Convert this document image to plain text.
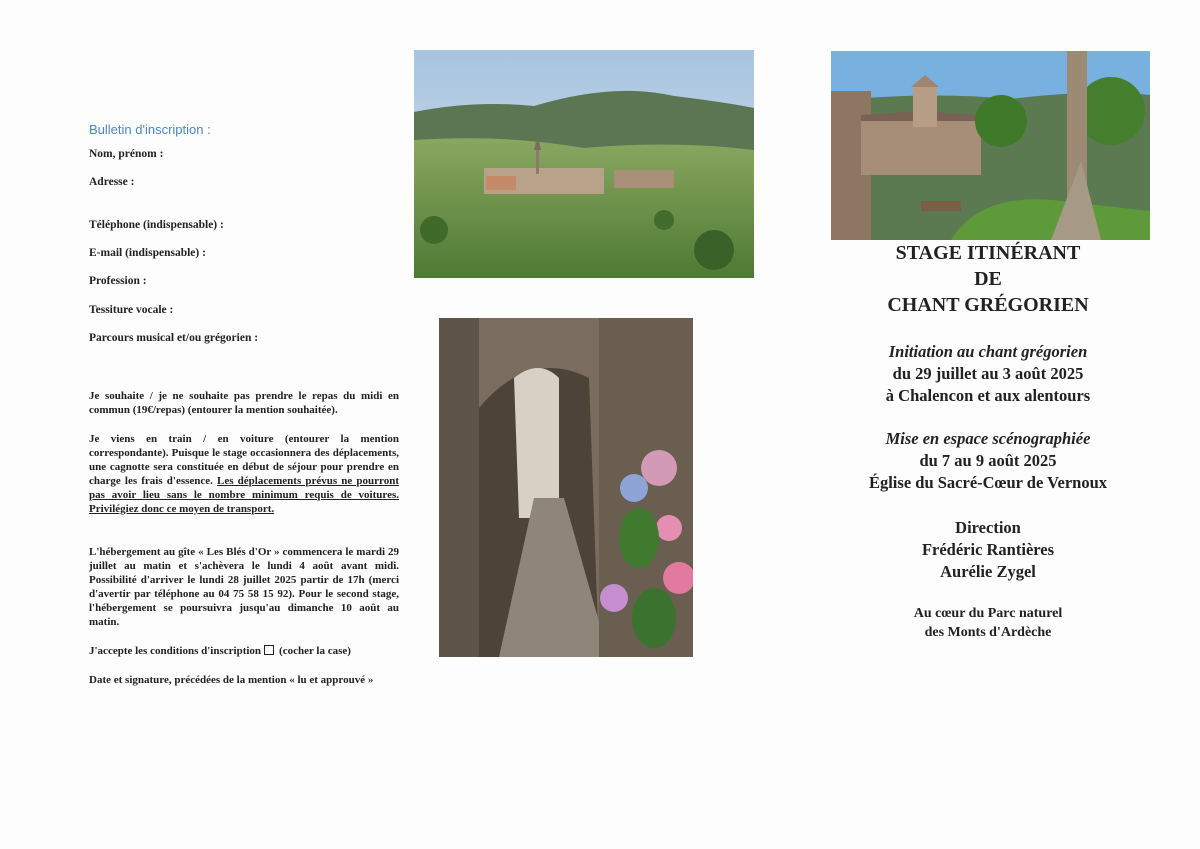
Bulletin d'inscription :
Nom, prénom :
Adresse :
Téléphone (indispensable) :
E-mail (indispensable) :
Profession :
Tessiture vocale :
Parcours musical et/ou grégorien :
Je souhaite / je ne souhaite pas prendre le repas du midi en commun (19€/repas) (entourer la mention souhaitée).
Je viens en train / en voiture (entourer la mention correspondante). Puisque le stage occasionnera des déplacements, une cagnotte sera constituée en début de séjour pour prendre en charge les frais d'essence. Les déplacements prévus ne pourront pas avoir lieu sans le nombre minimum requis de voitures. Privilégiez donc ce moyen de transport.
L'hébergement au gîte « Les Blés d'Or » commencera le mardi 29 juillet au matin et s'achèvera le lundi 4 août avant midi. Possibilité d'arriver le lundi 28 juillet 2025 partir de 17h (merci d'avertir par téléphone au 04 75 58 15 92). Pour le second stage, l'hébergement se poursuivra jusqu'au dimanche 10 août au matin.
J'accepte les conditions d'inscription (cocher la case)
Date et signature, précédées de la mention « lu et approuvé »
STAGE ITINÉRANT
DE
CHANT GRÉGORIEN
Initiation au chant grégorien
du 29 juillet au 3 août 2025
à Chalencon et aux alentours
Mise en espace scénographiée
du 7 au 9 août 2025
Église du Sacré-Cœur de Vernoux
Direction
Frédéric Rantières
Aurélie Zygel
Au cœur du Parc naturel
des Monts d'Ardèche
